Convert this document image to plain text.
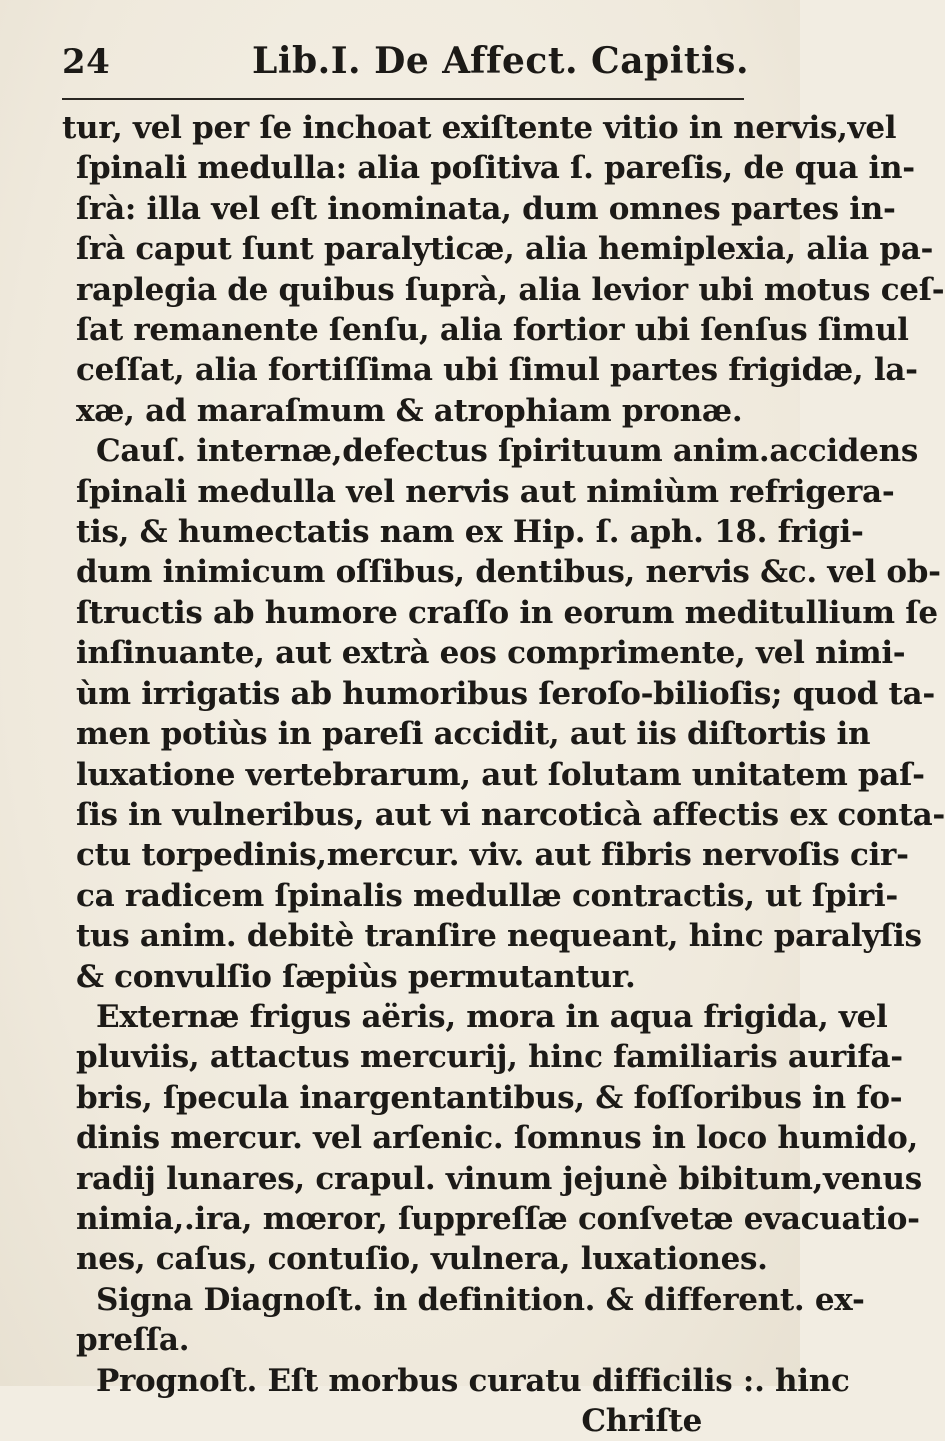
24	Lib.I. De Affect. Capitis.
tur, vel per ſe inchoat exiſtente vitio in nervis,vel
ſpinali medulla: alia poſitiva ſ. pareſis, de qua in-
ſrà: illa vel eſt inominata, dum omnes partes in-
ſrà caput ſunt paralyticæ, alia hemiplexia, alia pa-
raplegia de quibus ſuprà, alia levior ubi motus ceſ-
ſat remanente ſenſu, alia fortior ubi ſenſus ſimul
ceſſat, alia fortiſſima ubi ſimul partes frigidæ, la-
xæ, ad maraſmum & atrophiam pronæ.
Cauſ. internæ,defectus ſpirituum anim.accidens
ſpinali medulla vel nervis aut nimiùm refrigera-
tis, & humectatis nam ex Hip. ſ. aph. 18. frigi-
dum inimicum oſſibus, dentibus, nervis &c. vel ob-
ſtructis ab humore craſſo in eorum meditullium ſe
inſinuante, aut extrà eos comprimente, vel nimi-
ùm irrigatis ab humoribus ſeroſo-bilioſis; quod ta-
men potiùs in pareſi accidit, aut iis diſtortis in
luxatione vertebrarum, aut ſolutam unitatem paſ-
ſis in vulneribus, aut vi narcoticà affectis ex conta-
ctu torpedinis,mercur. viv. aut fibris nervoſis cir-
ca radicem ſpinalis medullæ contractis, ut ſpiri-
tus anim. debitè tranſire nequeant, hinc paralyſis
& convulſio ſæpiùs permutantur.
Externæ frigus aëris, mora in aqua frigida, vel
pluviis, attactus mercurij, hinc familiaris aurifa-
bris, ſpecula inargentantibus, & foſſoribus in fo-
dinis mercur. vel arſenic. ſomnus in loco humido,
radij lunares, crapul. vinum jejunè bibitum,venus
nimia,.ira, mœror, ſuppreſſæ conſvetæ evacuatio-
nes, caſus, contuſio, vulnera, luxationes.
Signa Diagnoſt. in definition. & different. ex-
preſſa.
Prognoſt. Eſt morbus curatu difficilis :. hinc
Chriſte
